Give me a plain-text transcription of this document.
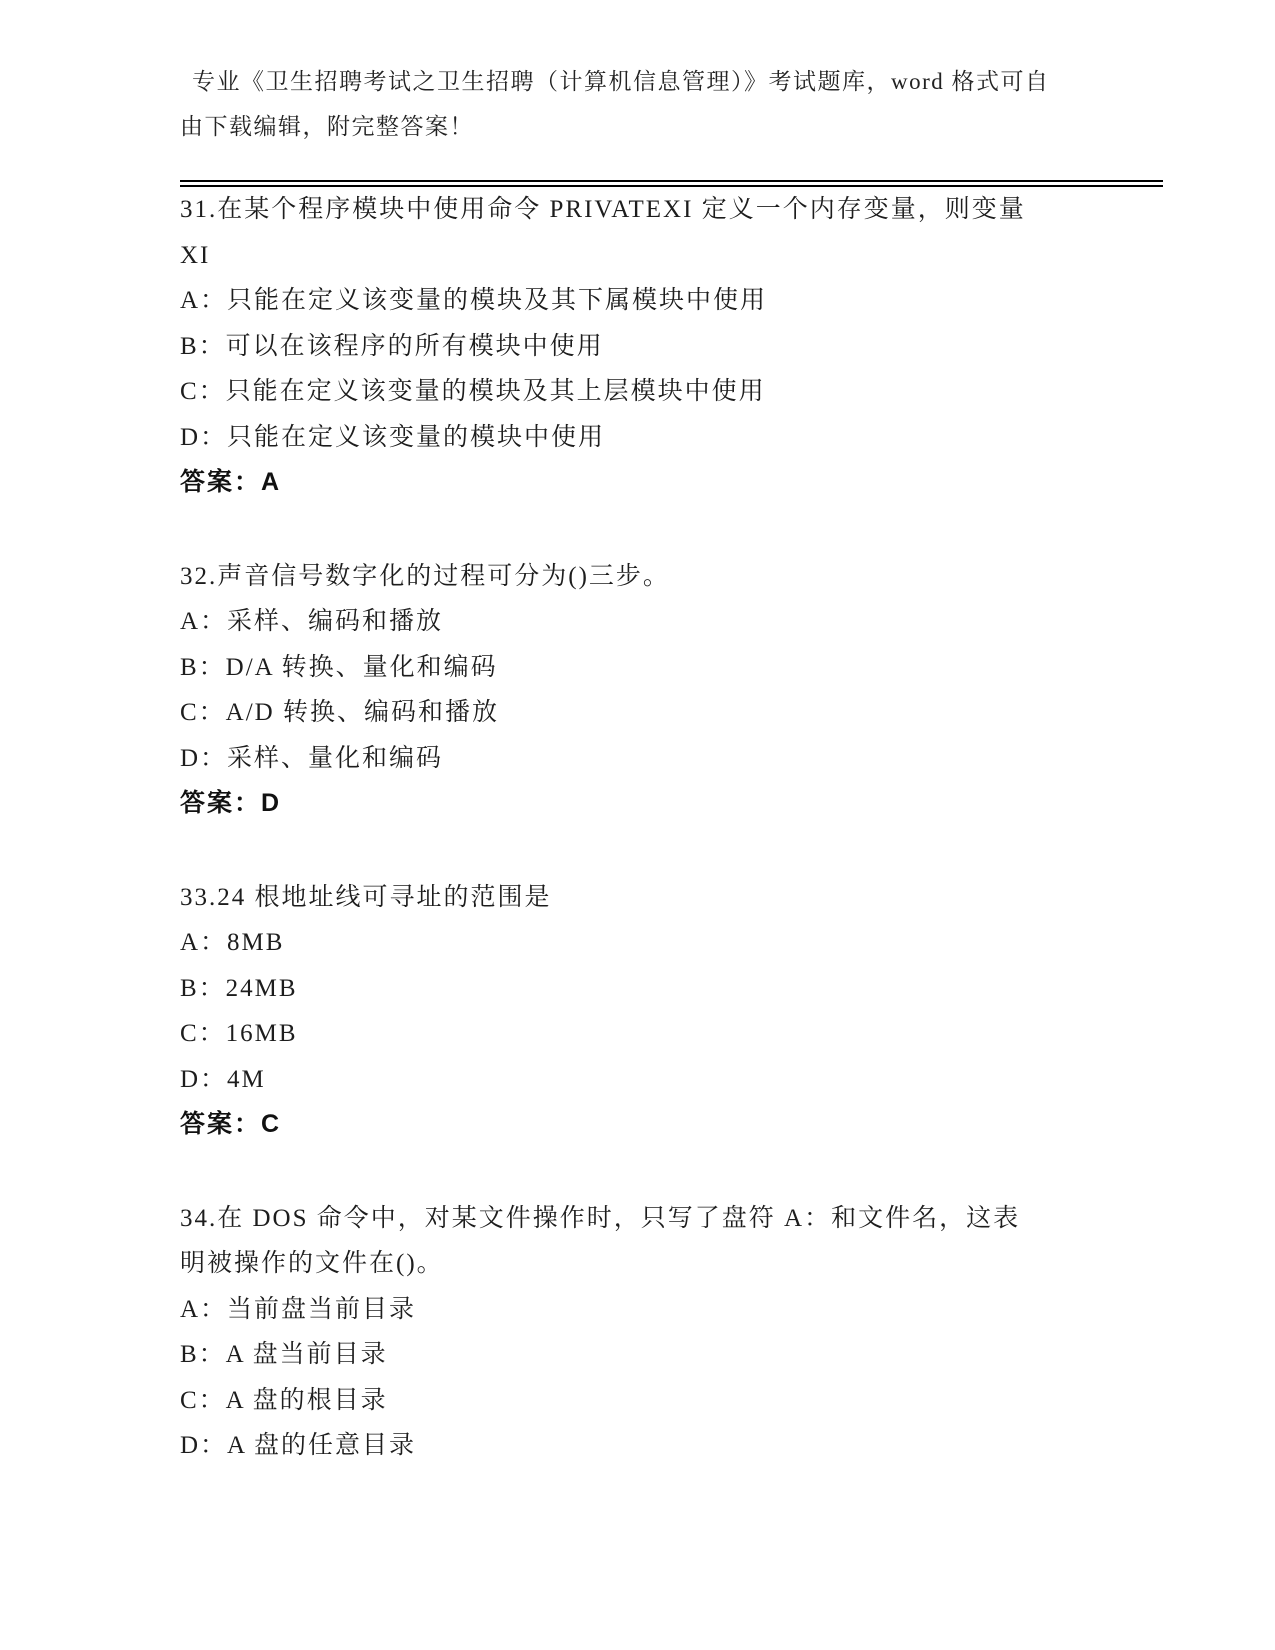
专业《卫生招聘考试之卫生招聘（计算机信息管理）》考试题库，word 格式可自
由下载编辑，附完整答案！
31.在某个程序模块中使用命令 PRIVATEXI 定义一个内存变量，则变量
XI
A：只能在定义该变量的模块及其下属模块中使用
B：可以在该程序的所有模块中使用
C：只能在定义该变量的模块及其上层模块中使用
D：只能在定义该变量的模块中使用
答案：A
32.声音信号数字化的过程可分为()三步。
A：采样、编码和播放
B：D/A 转换、量化和编码
C：A/D 转换、编码和播放
D：采样、量化和编码
答案：D
33.24 根地址线可寻址的范围是
A：8MB
B：24MB
C：16MB
D：4M
答案：C
34.在 DOS 命令中，对某文件操作时，只写了盘符 A：和文件名，这表
明被操作的文件在()。
A：当前盘当前目录
B：A 盘当前目录
C：A 盘的根目录
D：A 盘的任意目录
